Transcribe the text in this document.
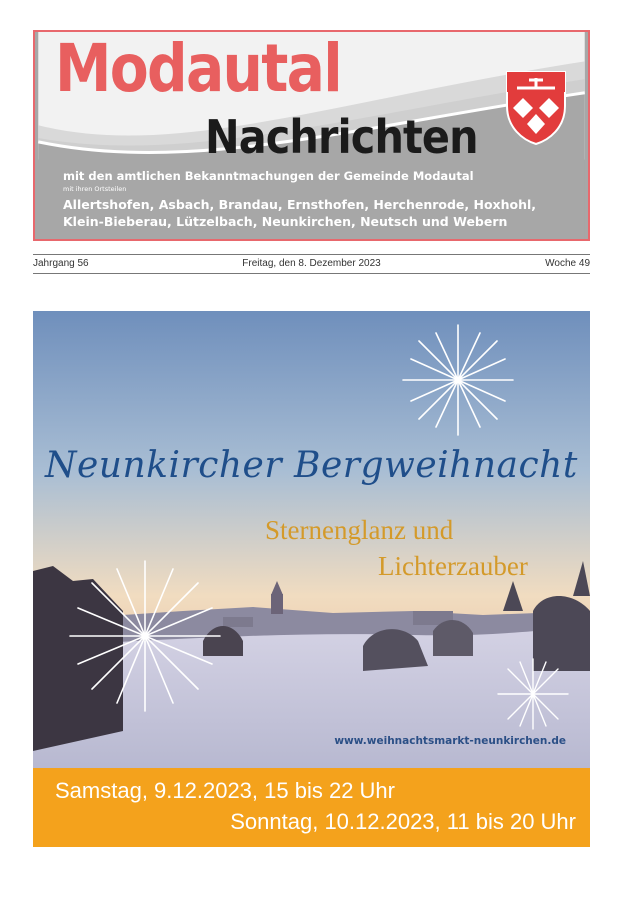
Modautal
Nachrichten
mit den amtlichen Bekanntmachungen der Gemeinde Modautal
mit ihren Ortsteilen
Allertshofen, Asbach, Brandau, Ernsthofen, Herchenrode, Hoxhohl,
Klein-Bieberau, Lützelbach, Neunkirchen, Neutsch und Webern
Jahrgang 56	Freitag, den 8. Dezember 2023	Woche 49
Neunkircher Bergweihnacht
Sternenglanz und
Lichterzauber
www.weihnachtsmarkt-neunkirchen.de
Samstag, 9.12.2023, 15 bis 22 Uhr
Sonntag, 10.12.2023, 11 bis 20 Uhr
